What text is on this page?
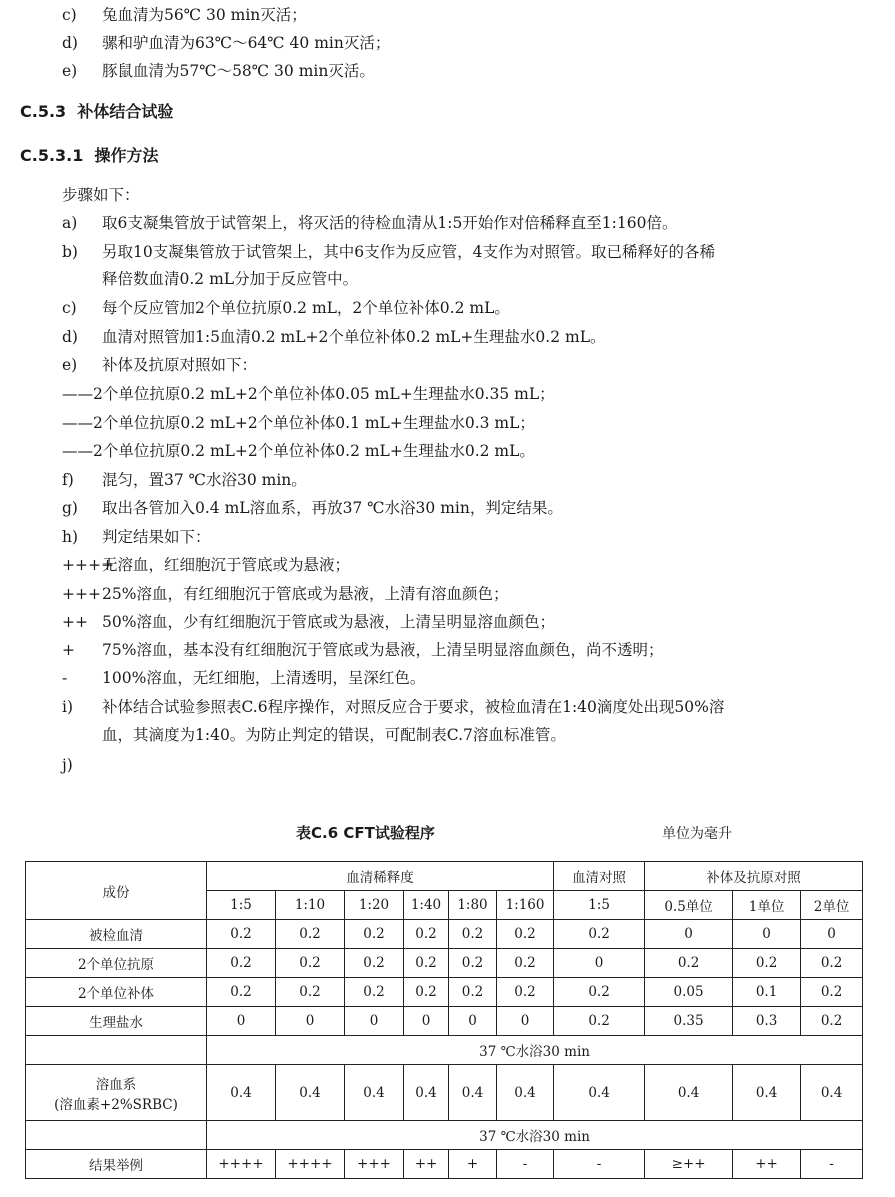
c) 兔血清为56℃ 30 min灭活；
d) 骡和驴血清为63℃～64℃ 40 min灭活；
e) 豚鼠血清为57℃～58℃ 30 min灭活。
C.5.3 补体结合试验
C.5.3.1 操作方法
步骤如下：
a) 取6支凝集管放于试管架上，将灭活的待检血清从1:5开始作对倍稀释直至1:160倍。
b) 另取10支凝集管放于试管架上，其中6支作为反应管，4支作为对照管。取已稀释好的各稀
释倍数血清0.2 mL分加于反应管中。
c) 每个反应管加2个单位抗原0.2 mL，2个单位补体0.2 mL。
d) 血清对照管加1:5血清0.2 mL+2个单位补体0.2 mL+生理盐水0.2 mL。
e) 补体及抗原对照如下：
——2个单位抗原0.2 mL+2个单位补体0.05 mL+生理盐水0.35 mL；
——2个单位抗原0.2 mL+2个单位补体0.1 mL+生理盐水0.3 mL；
——2个单位抗原0.2 mL+2个单位补体0.2 mL+生理盐水0.2 mL。
f) 混匀，置37 ℃水浴30 min。
g) 取出各管加入0.4 mL溶血系，再放37 ℃水浴30 min，判定结果。
h) 判定结果如下：
++++无溶血，红细胞沉于管底或为悬液；
+++25%溶血，有红细胞沉于管底或为悬液，上清有溶血颜色；
++ 50%溶血，少有红细胞沉于管底或为悬液，上清呈明显溶血颜色；
+ 75%溶血，基本没有红细胞沉于管底或为悬液，上清呈明显溶血颜色，尚不透明；
- 100%溶血，无红细胞，上清透明，呈深红色。
i) 补体结合试验参照表C.6程序操作，对照反应合于要求，被检血清在1:40滴度处出现50%溶
血，其滴度为1:40。为防止判定的错误，可配制表C.7溶血标准管。
j)
表C.6 CFT试验程序	单位为毫升
成份	血清稀释度						血清对照	补体及抗原对照		
	1:5	1:10	1:20	1:40	1:80	1:160	1:5	0.5单位	1单位	2单位
被检血清	0.2	0.2	0.2	0.2	0.2	0.2	0.2	0	0	0
2个单位抗原	0.2	0.2	0.2	0.2	0.2	0.2	0	0.2	0.2	0.2
2个单位补体	0.2	0.2	0.2	0.2	0.2	0.2	0.2	0.05	0.1	0.2
生理盐水	0	0	0	0	0	0	0.2	0.35	0.3	0.2
	37 ℃水浴30 min									
溶血系
(溶血素+2%SRBC)	0.4	0.4	0.4	0.4	0.4	0.4	0.4	0.4	0.4	0.4
	37 ℃水浴30 min									
结果举例	++++	++++	+++	++	+	-	-	≥++	++	-
